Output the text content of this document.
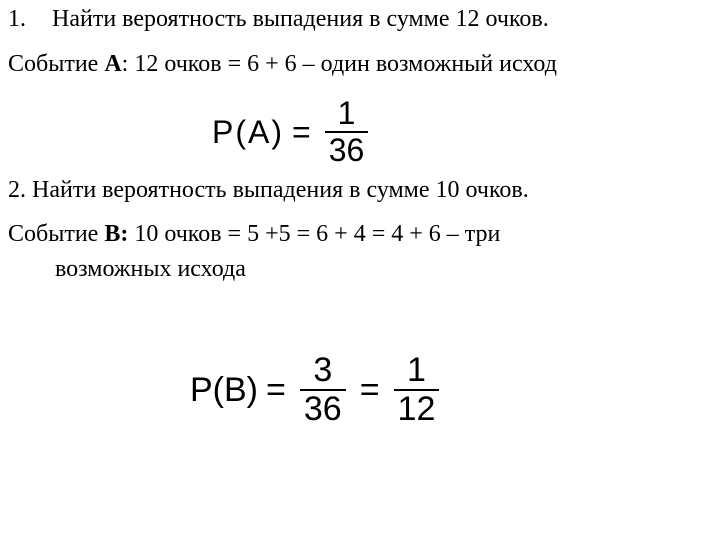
1. Найти вероятность выпадения в сумме 12 очков.
Событие A: 12 очков = 6 + 6 – один возможный исход
$P(A) = \frac{1}{36}$
2. Найти вероятность выпадения в сумме 10 очков.
Событие B: 10 очков = 5 +5 = 6 + 4 = 4 + 6 – три
возможных исхода
$P(B) = \frac{3}{36} = \frac{1}{12}$
